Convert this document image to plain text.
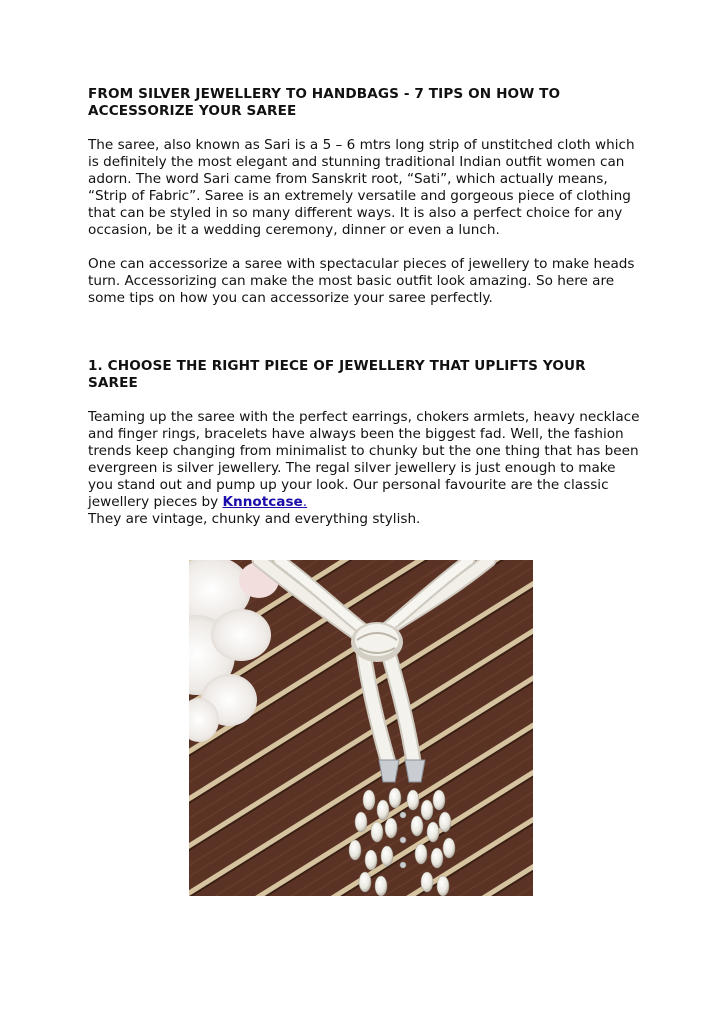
FROM SILVER JEWELLERY TO HANDBAGS - 7 TIPS ON HOW TO ACCESSORIZE YOUR SAREE

The saree, also known as Sari is a 5 – 6 mtrs long strip of unstitched cloth which is definitely the most elegant and stunning traditional Indian outfit women can adorn. The word Sari came from Sanskrit root, “Sati”, which actually means, “Strip of Fabric”. Saree is an extremely versatile and gorgeous piece of clothing that can be styled in so many different ways. It is also a perfect choice for any occasion, be it a wedding ceremony, dinner or even a lunch.

One can accessorize a saree with spectacular pieces of jewellery to make heads turn. Accessorizing can make the most basic outfit look amazing. So here are some tips on how you can accessorize your saree perfectly.

1. CHOOSE THE RIGHT PIECE OF JEWELLERY THAT UPLIFTS YOUR SAREE

Teaming up the saree with the perfect earrings, chokers armlets, heavy necklace and finger rings, bracelets have always been the biggest fad. Well, the fashion trends keep changing from minimalist to chunky but the one thing that has been evergreen is silver jewellery. The regal silver jewellery is just enough to make you stand out and pump up your look. Our personal favourite are the classic jewellery pieces by Knnotcase.
They are vintage, chunky and everything stylish.
